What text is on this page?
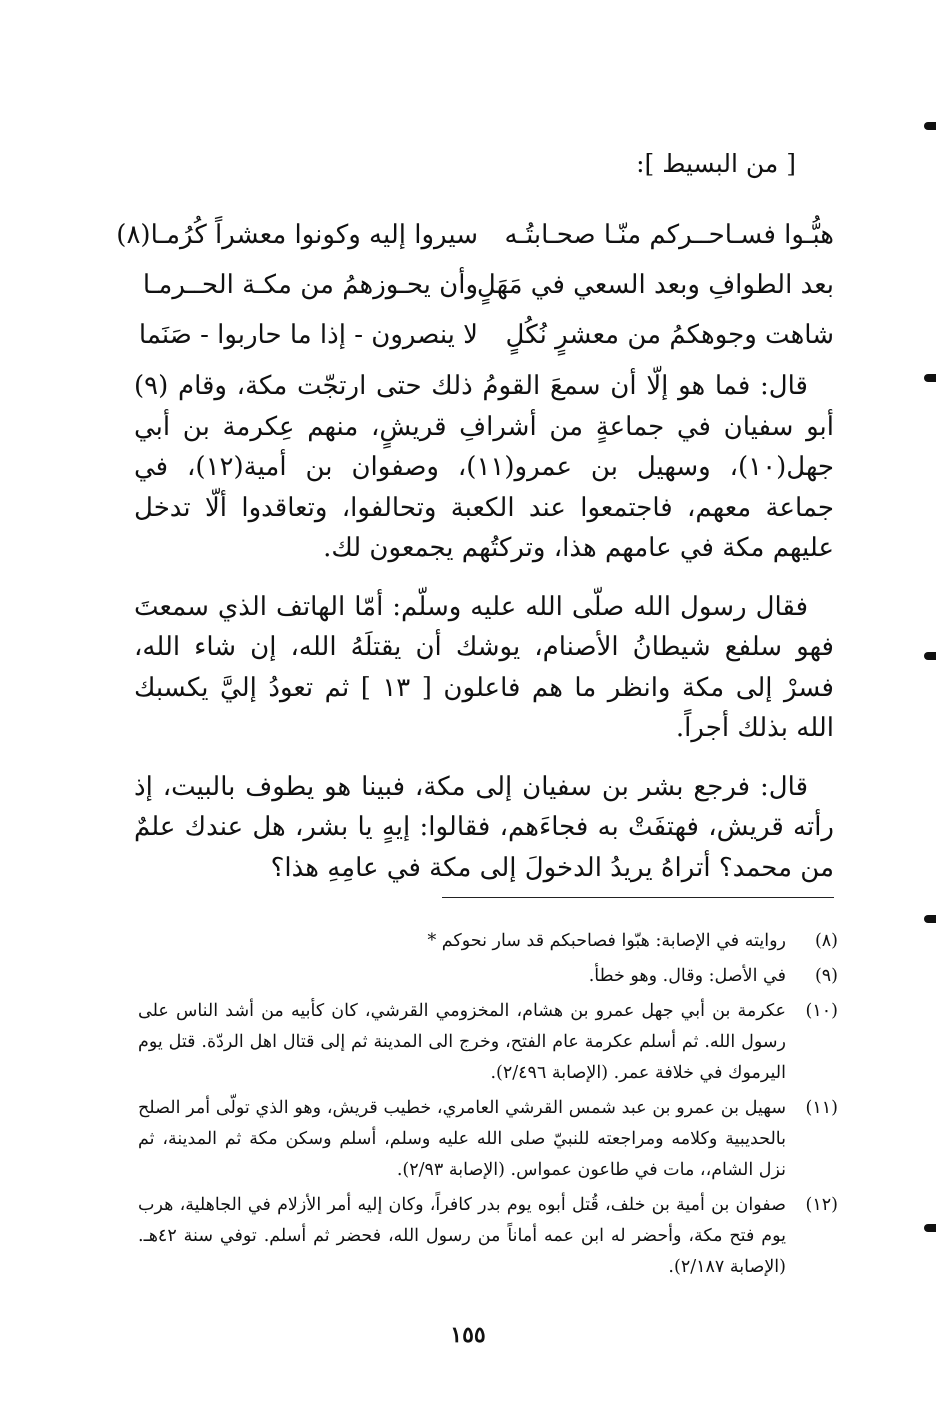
[ من البسيط ]:
هبُّـوا فسـاحــركم منّـا صحـابتُـه
سيروا إليه وكونوا معشراً كُرُمـا(٨)
بعد الطوافِ وبعد السعي في مَهَلٍ
وأن يحـوزهمُ من مكـة الحــرمـا
شاهت وجوهكمُ من معشرٍ نُكُلٍ
لا ينصرون - إذا ما حاربوا - صَنَما

قال: فما هو إلّا أن سمعَ القومُ ذلك حتى ارتجّت مكة، وقام (٩) أبو سفيان في جماعةٍ من أشرافِ قريشٍ، منهم عِكرمة بن أبي جهل(١٠)، وسهيل بن عمرو(١١)، وصفوان بن أمية(١٢)، في جماعة معهم، فاجتمعوا عند الكعبة وتحالفوا، وتعاقدوا ألّا تدخل عليهم مكة في عامهم هذا، وتركتُهم يجمعون لك.

فقال رسول الله صلّى الله عليه وسلّم: أمّا الهاتف الذي سمعتَ فهو سلفع شيطانُ الأصنام، يوشك أن يقتلَهُ الله، إن شاء الله، فسرْ إلى مكة وانظر ما هم فاعلون [ ١٣ ] ثم تعودُ إليَّ يكسبك الله بذلك أجراً.

قال: فرجع بشر بن سفيان إلى مكة، فبينا هو يطوف بالبيت، إذ رأته قريش، فهتفَتْ به فجاءَهم، فقالوا: إيهٍ يا بشر، هل عندك علمٌ من محمد؟ أتراهُ يريدُ الدخولَ إلى مكة في عامِهِ هذا؟

(٨)
روايته في الإصابة: هبّوا فصاحبكم قد سار نحوكم *
(٩)
في الأصل: وقال. وهو خطأ.
(١٠)
عكرمة بن أبي جهل عمرو بن هشام، المخزومي القرشي، كان كأبيه من أشد الناس على رسول الله. ثم أسلم عكرمة عام الفتح، وخرج الى المدينة ثم إلى قتال اهل الردّة. قتل يوم اليرموك في خلافة عمر. (الإصابة ٢/٤٩٦).
(١١)
سهيل بن عمرو بن عبد شمس القرشي العامري، خطيب قريش، وهو الذي تولّى أمر الصلح بالحديبية وكلامه ومراجعته للنبيّ صلى الله عليه وسلم، أسلم وسكن مكة ثم المدينة، ثم نزل الشام،، مات في طاعون عمواس. (الإصابة ٢/٩٣).
(١٢)
صفوان بن أمية بن خلف، قُتل أبوه يوم بدر كافراً، وكان إليه أمر الأزلام في الجاهلية، هرب يوم فتح مكة، وأحضر له ابن عمه أماناً من رسول الله، فحضر ثم أسلم. توفي سنة ٤٢هـ. (الإصابة ٢/١٨٧).
١٥٥
